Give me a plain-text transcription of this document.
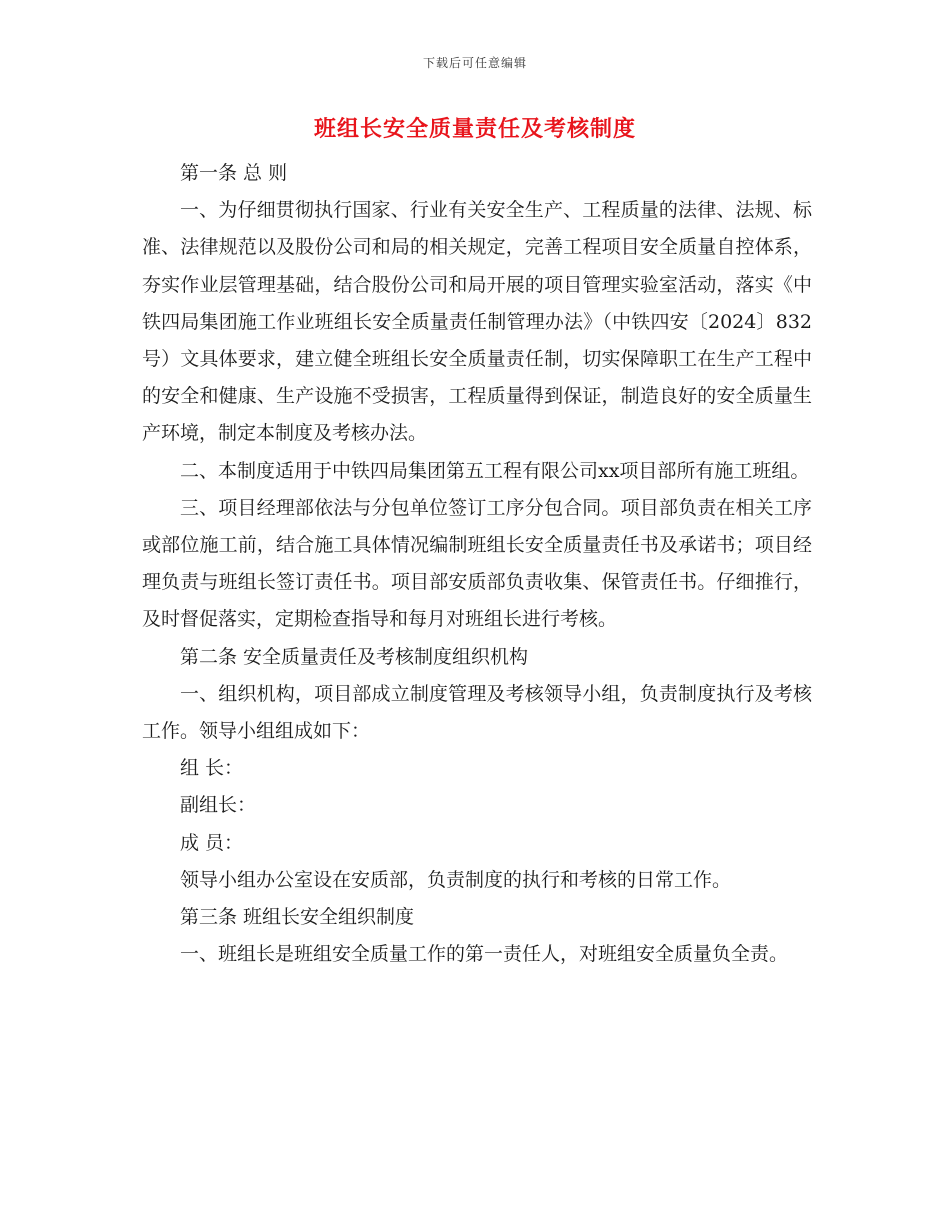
下载后可任意编辑
班组长安全质量责任及考核制度

第一条 总 则

一、为仔细贯彻执行国家、行业有关安全生产、工程质量的法律、法规、标准、法律规范以及股份公司和局的相关规定，完善工程项目安全质量自控体系，夯实作业层管理基础，结合股份公司和局开展的项目管理实验室活动，落实《中铁四局集团施工作业班组长安全质量责任制管理办法》（中铁四安〔2024〕832号）文具体要求，建立健全班组长安全质量责任制，切实保障职工在生产工程中的安全和健康、生产设施不受损害，工程质量得到保证，制造良好的安全质量生产环境，制定本制度及考核办法。

二、本制度适用于中铁四局集团第五工程有限公司xx项目部所有施工班组。

三、项目经理部依法与分包单位签订工序分包合同。项目部负责在相关工序或部位施工前，结合施工具体情况编制班组长安全质量责任书及承诺书；项目经理负责与班组长签订责任书。项目部安质部负责收集、保管责任书。仔细推行，及时督促落实，定期检查指导和每月对班组长进行考核。

第二条 安全质量责任及考核制度组织机构

一、组织机构，项目部成立制度管理及考核领导小组，负责制度执行及考核工作。领导小组组成如下：

组 长：

副组长：

成 员：

领导小组办公室设在安质部，负责制度的执行和考核的日常工作。

第三条 班组长安全组织制度

一、班组长是班组安全质量工作的第一责任人，对班组安全质量负全责。
